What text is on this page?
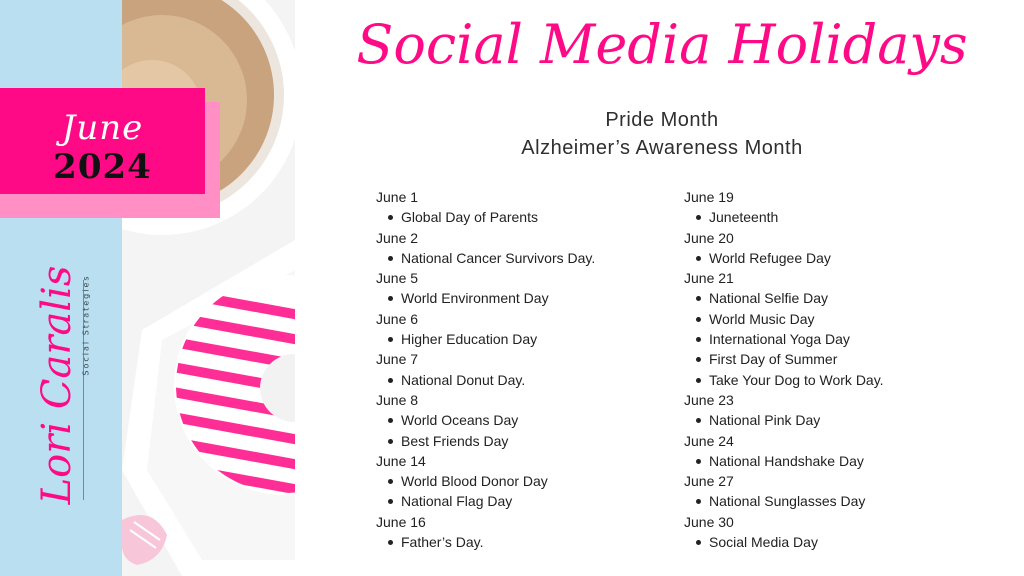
June
2024
Lori Caralis Social Strategies
Social Media Holidays
Pride Month
Alzheimer’s Awareness Month
June 1
Global Day of Parents
June 2
National Cancer Survivors Day.
June 5
World Environment Day
June 6
Higher Education Day
June 7
National Donut Day.
June 8
World Oceans Day
Best Friends Day
June 14
World Blood Donor Day
National Flag Day
June 16
Father’s Day.
June 19
Juneteenth
June 20
World Refugee Day
June 21
National Selfie Day
World Music Day
International Yoga Day
First Day of Summer
Take Your Dog to Work Day.
June 23
National Pink Day
June 24
National Handshake Day
June 27
National Sunglasses Day
June 30
Social Media Day
